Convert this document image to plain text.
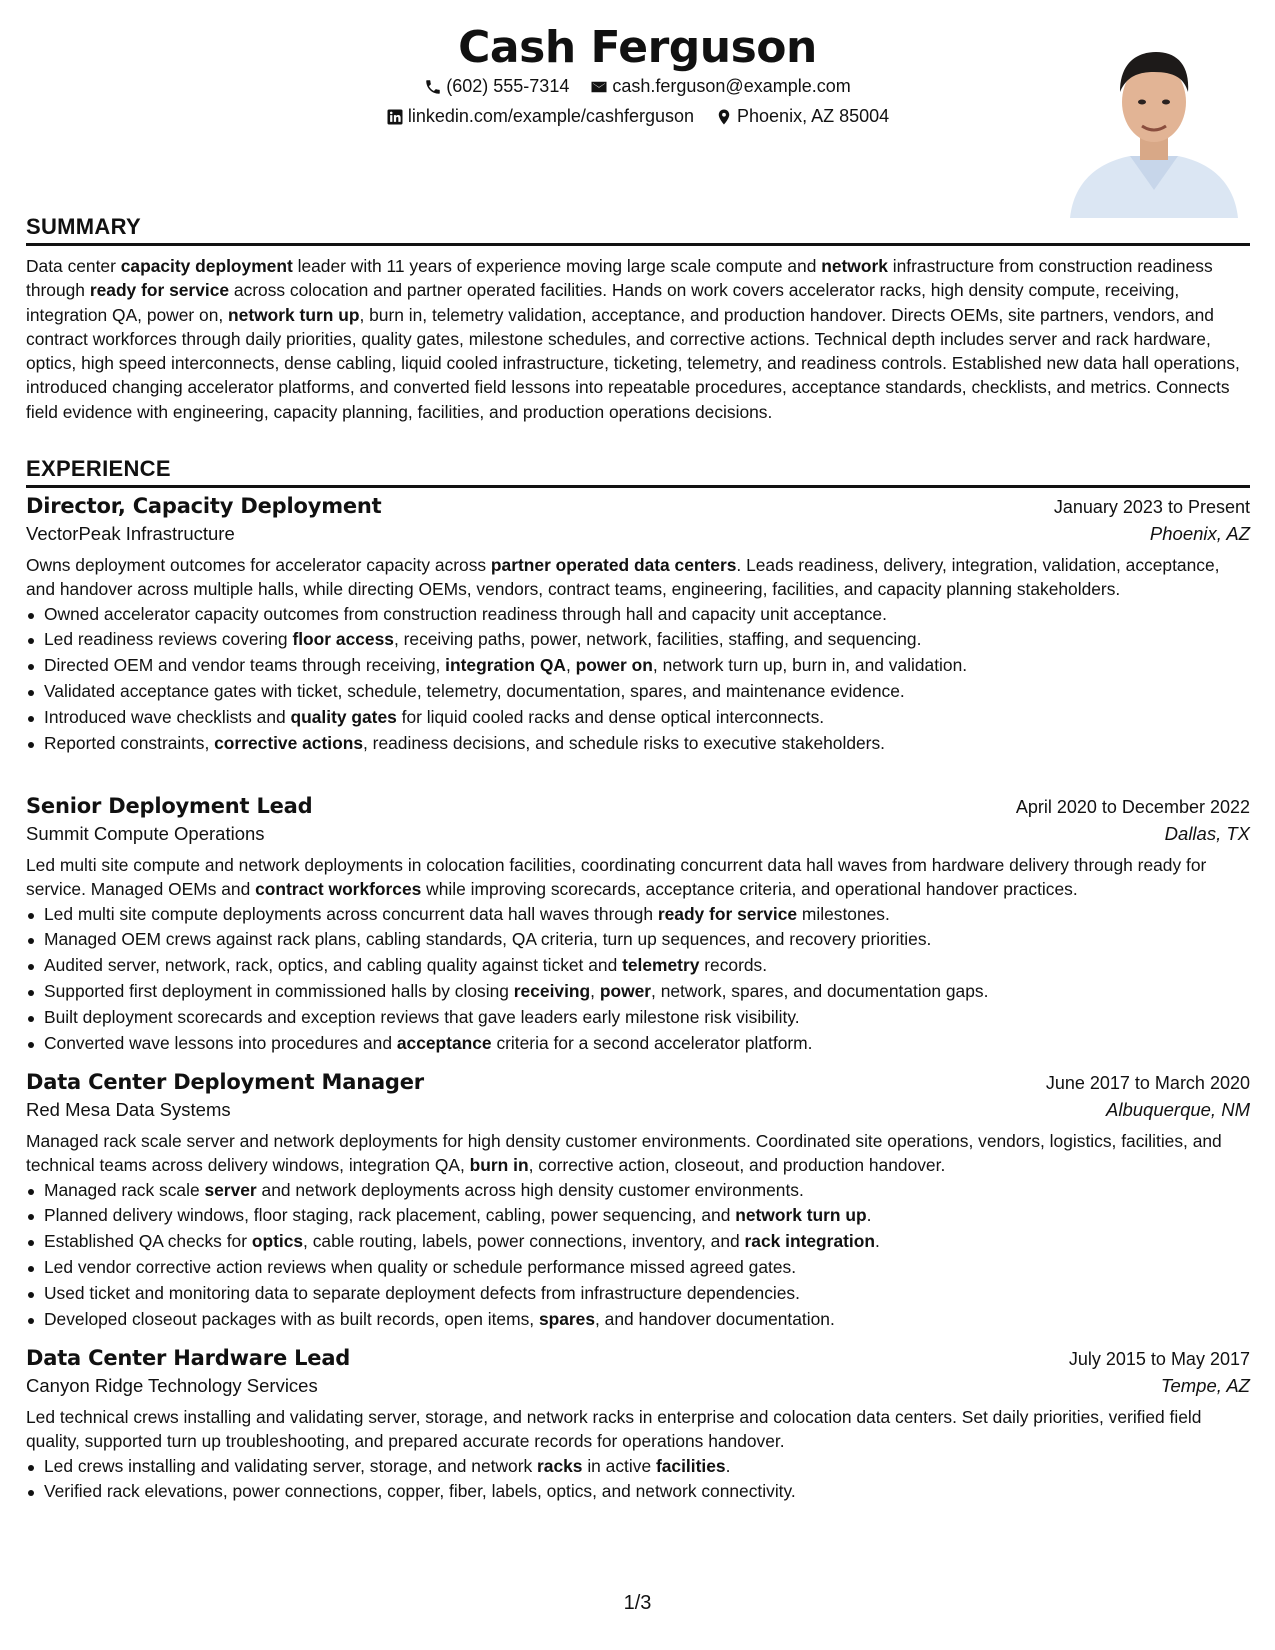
Cash Ferguson
(602) 555-7314
cash.ferguson@example.com
linkedin.com/example/cashferguson
Phoenix, AZ 85004
SUMMARY

Data center capacity deployment leader with 11 years of experience moving large scale compute and network infrastructure from construction readiness through ready for service across colocation and partner operated facilities. Hands on work covers accelerator racks, high density compute, receiving, integration QA, power on, network turn up, burn in, telemetry validation, acceptance, and production handover. Directs OEMs, site partners, vendors, and contract workforces through daily priorities, quality gates, milestone schedules, and corrective actions. Technical depth includes server and rack hardware, optics, high speed interconnects, dense cabling, liquid cooled infrastructure, ticketing, telemetry, and readiness controls. Established new data hall operations, introduced changing accelerator platforms, and converted field lessons into repeatable procedures, acceptance standards, checklists, and metrics. Connects field evidence with engineering, capacity planning, facilities, and production operations decisions.

EXPERIENCE
Director, Capacity Deployment	January 2023 to Present
VectorPeak Infrastructure	Phoenix, AZ

Owns deployment outcomes for accelerator capacity across partner operated data centers. Leads readiness, delivery, integration, validation, acceptance, and handover across multiple halls, while directing OEMs, vendors, contract teams, engineering, facilities, and capacity planning stakeholders.

Owned accelerator capacity outcomes from construction readiness through hall and capacity unit acceptance.
Led readiness reviews covering floor access, receiving paths, power, network, facilities, staffing, and sequencing.
Directed OEM and vendor teams through receiving, integration QA, power on, network turn up, burn in, and validation.
Validated acceptance gates with ticket, schedule, telemetry, documentation, spares, and maintenance evidence.
Introduced wave checklists and quality gates for liquid cooled racks and dense optical interconnects.
Reported constraints, corrective actions, readiness decisions, and schedule risks to executive stakeholders.
Senior Deployment Lead	April 2020 to December 2022
Summit Compute Operations	Dallas, TX

Led multi site compute and network deployments in colocation facilities, coordinating concurrent data hall waves from hardware delivery through ready for service. Managed OEMs and contract workforces while improving scorecards, acceptance criteria, and operational handover practices.

Led multi site compute deployments across concurrent data hall waves through ready for service milestones.
Managed OEM crews against rack plans, cabling standards, QA criteria, turn up sequences, and recovery priorities.
Audited server, network, rack, optics, and cabling quality against ticket and telemetry records.
Supported first deployment in commissioned halls by closing receiving, power, network, spares, and documentation gaps.
Built deployment scorecards and exception reviews that gave leaders early milestone risk visibility.
Converted wave lessons into procedures and acceptance criteria for a second accelerator platform.
Data Center Deployment Manager	June 2017 to March 2020
Red Mesa Data Systems	Albuquerque, NM

Managed rack scale server and network deployments for high density customer environments. Coordinated site operations, vendors, logistics, facilities, and technical teams across delivery windows, integration QA, burn in, corrective action, closeout, and production handover.

Managed rack scale server and network deployments across high density customer environments.
Planned delivery windows, floor staging, rack placement, cabling, power sequencing, and network turn up.
Established QA checks for optics, cable routing, labels, power connections, inventory, and rack integration.
Led vendor corrective action reviews when quality or schedule performance missed agreed gates.
Used ticket and monitoring data to separate deployment defects from infrastructure dependencies.
Developed closeout packages with as built records, open items, spares, and handover documentation.
Data Center Hardware Lead	July 2015 to May 2017
Canyon Ridge Technology Services	Tempe, AZ

Led technical crews installing and validating server, storage, and network racks in enterprise and colocation data centers. Set daily priorities, verified field quality, supported turn up troubleshooting, and prepared accurate records for operations handover.

Led crews installing and validating server, storage, and network racks in active facilities.
Verified rack elevations, power connections, copper, fiber, labels, optics, and network connectivity.
1/3
